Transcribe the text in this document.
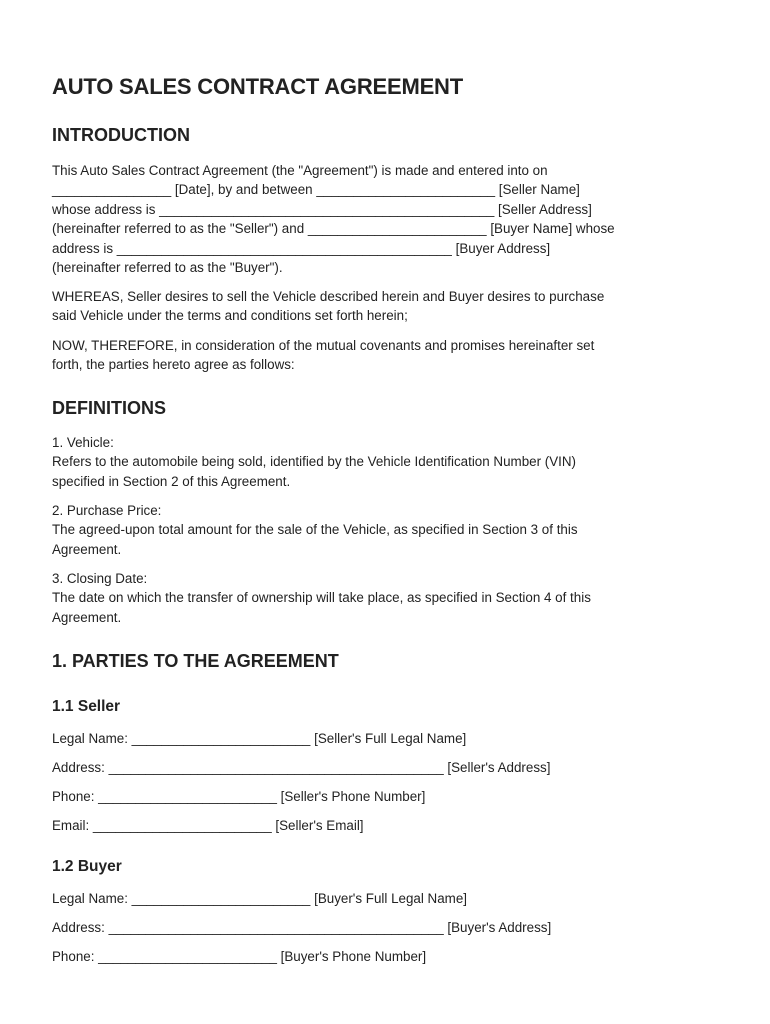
AUTO SALES CONTRACT AGREEMENT
INTRODUCTION
This Auto Sales Contract Agreement (the "Agreement") is made and entered into on
________________ [Date], by and between ________________________ [Seller Name]
whose address is _____________________________________________ [Seller Address]
(hereinafter referred to as the "Seller") and ________________________ [Buyer Name] whose
address is _____________________________________________ [Buyer Address]
(hereinafter referred to as the "Buyer").
WHEREAS, Seller desires to sell the Vehicle described herein and Buyer desires to purchase
said Vehicle under the terms and conditions set forth herein;
NOW, THEREFORE, in consideration of the mutual covenants and promises hereinafter set
forth, the parties hereto agree as follows:
DEFINITIONS
1. Vehicle:
Refers to the automobile being sold, identified by the Vehicle Identification Number (VIN)
specified in Section 2 of this Agreement.
2. Purchase Price:
The agreed-upon total amount for the sale of the Vehicle, as specified in Section 3 of this
Agreement.
3. Closing Date:
The date on which the transfer of ownership will take place, as specified in Section 4 of this
Agreement.
1. PARTIES TO THE AGREEMENT
1.1 Seller
Legal Name: ________________________ [Seller's Full Legal Name]
Address: _____________________________________________ [Seller's Address]
Phone: ________________________ [Seller's Phone Number]
Email: ________________________ [Seller's Email]
1.2 Buyer
Legal Name: ________________________ [Buyer's Full Legal Name]
Address: _____________________________________________ [Buyer's Address]
Phone: ________________________ [Buyer's Phone Number]
